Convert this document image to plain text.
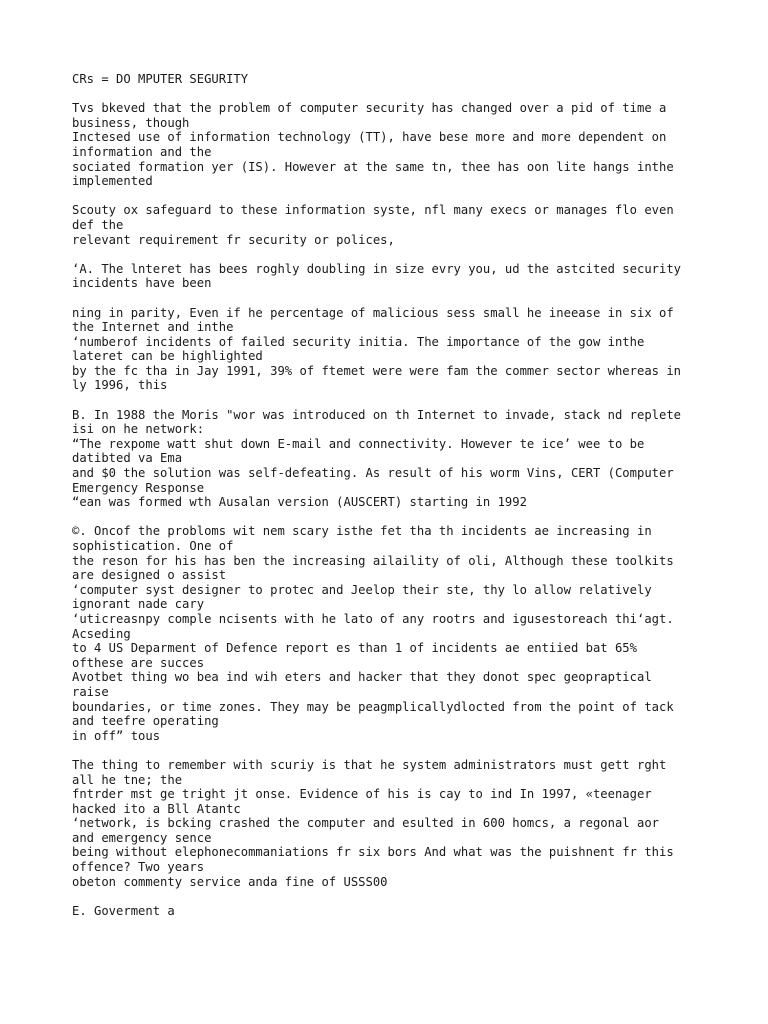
CRs = DO MPUTER SEGURITY
Tvs bkeved that the problem of computer security has changed over a pid of time a
business, though
Inctesed use of information technology (TT), have bese more and more dependent on
information and the
sociated formation yer (IS). However at the same tn, thee has oon lite hangs inthe
implemented
Scouty ox safeguard to these information syste, nfl many execs or manages flo even
def the
relevant requirement fr security or polices,
‘A. The lnteret has bees roghly doubling in size evry you, ud the astcited security
incidents have been
ning in parity, Even if he percentage of malicious sess small he ineease in six of
the Internet and inthe
‘numberof incidents of failed security initia. The importance of the gow inthe
lateret can be highlighted
by the fc tha in Jay 1991, 39% of ftemet were were fam the commer sector whereas in
ly 1996, this
B. In 1988 the Moris "wor was introduced on th Internet to invade, stack nd replete
isi on he network:
“The rexpome watt shut down E-mail and connectivity. However te ice’ wee to be
datibted va Ema
and $0 the solution was self-defeating. As result of his worm Vins, CERT (Computer
Emergency Response
“ean was formed wth Ausalan version (AUSCERT) starting in 1992
©. Oncof the probloms wit nem scary isthe fet tha th incidents ae increasing in
sophistication. One of
the reson for his has ben the increasing ailaility of oli, Although these toolkits
are designed o assist
‘computer syst designer to protec and Jeelop their ste, thy lo allow relatively
ignorant nade cary
‘uticreasnpy comple ncisents with he lato of any rootrs and igusestoreach thi‘agt.
Acseding
to 4 US Deparment of Defence report es than 1 of incidents ae entiied bat 65%
ofthese are succes
Avotbet thing wo bea ind wih eters and hacker that they donot spec geopraptical
raise
boundaries, or time zones. They may be peagmplicallydlocted from the point of tack
and teefre operating
in off” tous
The thing to remember with scuriy is that he system administrators must gett rght
all he tne; the
fntrder mst ge tright jt onse. Evidence of his is cay to ind In 1997, «teenager
hacked ito a Bll Atantc
‘network, is bcking crashed the computer and esulted in 600 homcs, a regonal aor
and emergency sence
being without elephonecommaniations fr six bors And what was the puishnent fr this
offence? Two years
obeton commenty service anda fine of USSS00
E. Goverment a
